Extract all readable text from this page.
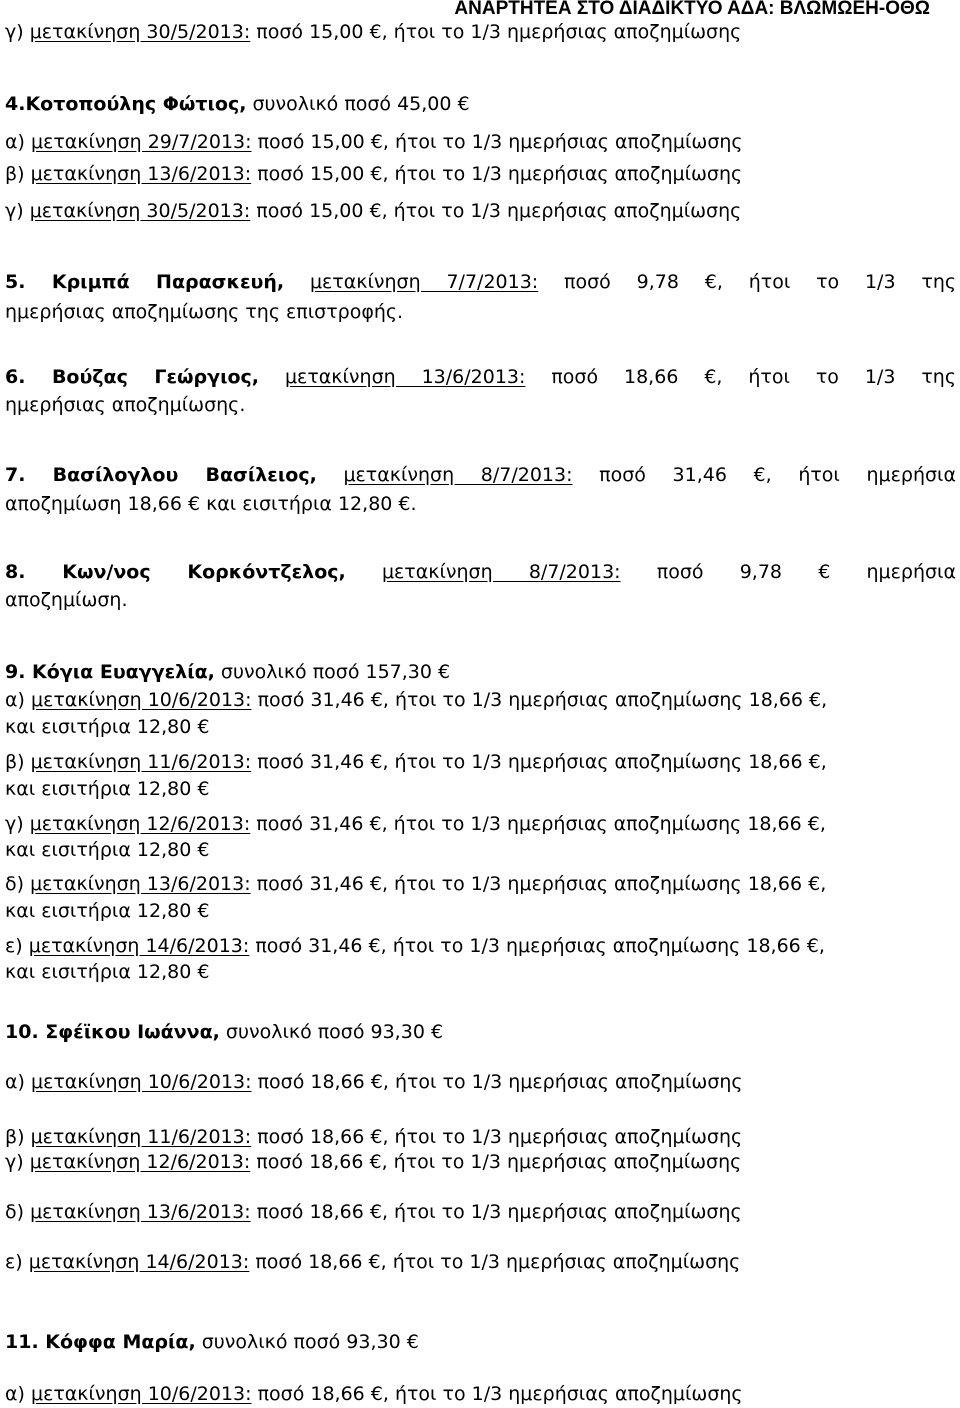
ΑΝΑΡΤΗΤΕΑ ΣΤΟ ΔΙΑΔΙΚΤΥΟ ΑΔΑ: ΒΛΩΜΩΕΗ-ΟΘΩ
γ) μετακίνηση 30/5/2013: ποσό 15,00 €, ήτοι το 1/3 ημερήσιας αποζημίωσης
4.Κοτοπούλης Φώτιος, συνολικό ποσό 45,00 €
α) μετακίνηση 29/7/2013: ποσό 15,00 €, ήτοι το 1/3 ημερήσιας αποζημίωσης
β) μετακίνηση 13/6/2013: ποσό 15,00 €, ήτοι το 1/3 ημερήσιας αποζημίωσης
γ) μετακίνηση 30/5/2013: ποσό 15,00 €, ήτοι το 1/3 ημερήσιας αποζημίωσης
5. Κριμπά Παρασκευή, μετακίνηση 7/7/2013: ποσό 9,78 €, ήτοι το 1/3 της
ημερήσιας αποζημίωσης της επιστροφής.
6. Βούζας Γεώργιος, μετακίνηση 13/6/2013: ποσό 18,66 €, ήτοι το 1/3 της
ημερήσιας αποζημίωσης.
7. Βασίλογλου Βασίλειος, μετακίνηση 8/7/2013: ποσό 31,46 €, ήτοι ημερήσια
αποζημίωση 18,66 € και εισιτήρια 12,80 €.
8. Κων/νος Κορκόντζελος, μετακίνηση 8/7/2013: ποσό 9,78 € ημερήσια
αποζημίωση.
9. Κόγια Ευαγγελία, συνολικό ποσό 157,30 €
α) μετακίνηση 10/6/2013: ποσό 31,46 €, ήτοι το 1/3 ημερήσιας αποζημίωσης 18,66 €,
και εισιτήρια 12,80 €
β) μετακίνηση 11/6/2013: ποσό 31,46 €, ήτοι το 1/3 ημερήσιας αποζημίωσης 18,66 €,
και εισιτήρια 12,80 €
γ) μετακίνηση 12/6/2013: ποσό 31,46 €, ήτοι το 1/3 ημερήσιας αποζημίωσης 18,66 €,
και εισιτήρια 12,80 €
δ) μετακίνηση 13/6/2013: ποσό 31,46 €, ήτοι το 1/3 ημερήσιας αποζημίωσης 18,66 €,
και εισιτήρια 12,80 €
ε) μετακίνηση 14/6/2013: ποσό 31,46 €, ήτοι το 1/3 ημερήσιας αποζημίωσης 18,66 €,
και εισιτήρια 12,80 €
10. Σφέϊκου Ιωάννα, συνολικό ποσό 93,30 €
α) μετακίνηση 10/6/2013: ποσό 18,66 €, ήτοι το 1/3 ημερήσιας αποζημίωσης
β) μετακίνηση 11/6/2013: ποσό 18,66 €, ήτοι το 1/3 ημερήσιας αποζημίωσης
γ) μετακίνηση 12/6/2013: ποσό 18,66 €, ήτοι το 1/3 ημερήσιας αποζημίωσης
δ) μετακίνηση 13/6/2013: ποσό 18,66 €, ήτοι το 1/3 ημερήσιας αποζημίωσης
ε) μετακίνηση 14/6/2013: ποσό 18,66 €, ήτοι το 1/3 ημερήσιας αποζημίωσης
11. Κόφφα Μαρία, συνολικό ποσό 93,30 €
α) μετακίνηση 10/6/2013: ποσό 18,66 €, ήτοι το 1/3 ημερήσιας αποζημίωσης
